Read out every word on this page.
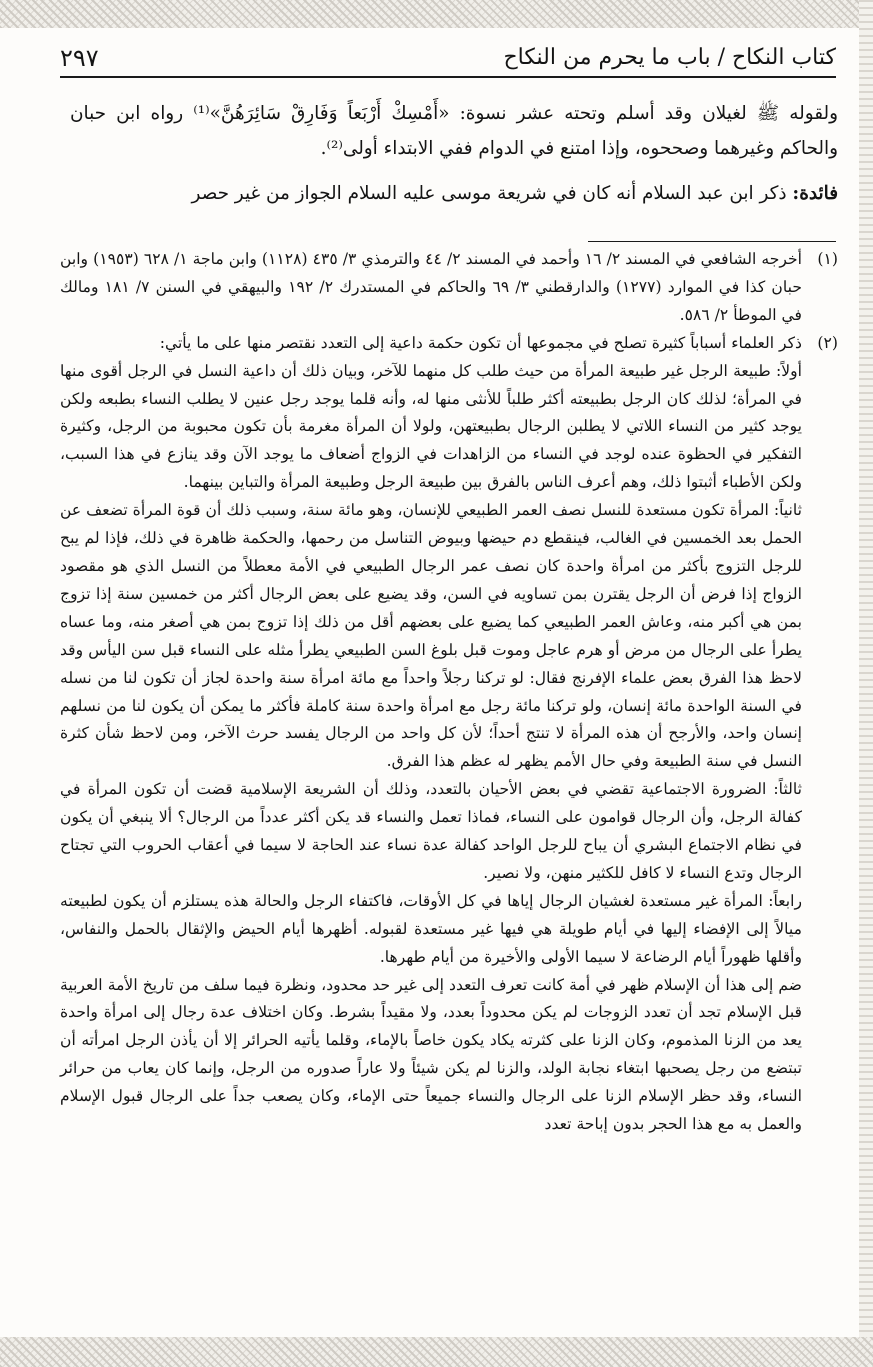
كتاب النكاح / باب ما يحرم من النكاح
٢٩٧

ولقوله ﷺ لغيلان وقد أسلم وتحته عشر نسوة: «أَمْسِكْ أَرْبَعاً وَفَارِقْ سَائِرَهُنَّ»⁽¹⁾ رواه ابن حبان والحاكم وغيرهما وصححوه، وإذا امتنع في الدوام ففي الابتداء أولى⁽²⁾.

فائدة: ذكر ابن عبد السلام أنه كان في شريعة موسى عليه السلام الجواز من غير حصر

(١)

أخرجه الشافعي في المسند ٢/ ١٦ وأحمد في المسند ٢/ ٤٤ والترمذي ٣/ ٤٣٥ (١١٢٨) وابن ماجة ١/ ٦٢٨ (١٩٥٣) وابن حبان كذا في الموارد (١٢٧٧) والدارقطني ٣/ ٦٩ والحاكم في المستدرك ٢/ ١٩٢ والبيهقي في السنن ٧/ ١٨١ ومالك في الموطأ ٢/ ٥٨٦.

(٢)

ذكر العلماء أسباباً كثيرة تصلح في مجموعها أن تكون حكمة داعية إلى التعدد نقتصر منها على ما يأتي:

أولاً: طبيعة الرجل غير طبيعة المرأة من حيث طلب كل منهما للآخر، وبيان ذلك أن داعية النسل في الرجل أقوى منها في المرأة؛ لذلك كان الرجل بطبيعته أكثر طلباً للأنثى منها له، وأنه قلما يوجد رجل عنين لا يطلب النساء بطبعه ولكن يوجد كثير من النساء اللاتي لا يطلبن الرجال بطبيعتهن، ولولا أن المرأة مغرمة بأن تكون محبوبة من الرجل، وكثيرة التفكير في الحظوة عنده لوجد في النساء من الزاهدات في الزواج أضعاف ما يوجد الآن وقد ينازع في هذا السبب، ولكن الأطباء أثبتوا ذلك، وهم أعرف الناس بالفرق بين طبيعة الرجل وطبيعة المرأة والتباين بينهما.

ثانياً: المرأة تكون مستعدة للنسل نصف العمر الطبيعي للإنسان، وهو مائة سنة، وسبب ذلك أن قوة المرأة تضعف عن الحمل بعد الخمسين في الغالب، فينقطع دم حيضها وبيوض التناسل من رحمها، والحكمة ظاهرة في ذلك، فإذا لم يبح للرجل التزوج بأكثر من امرأة واحدة كان نصف عمر الرجال الطبيعي في الأمة معطلاً من النسل الذي هو مقصود الزواج إذا فرض أن الرجل يقترن بمن تساويه في السن، وقد يضيع على بعض الرجال أكثر من خمسين سنة إذا تزوج بمن هي أكبر منه، وعاش العمر الطبيعي كما يضيع على بعضهم أقل من ذلك إذا تزوج بمن هي أصغر منه، وما عساه يطرأ على الرجال من مرض أو هرم عاجل وموت قبل بلوغ السن الطبيعي يطرأ مثله على النساء قبل سن اليأس وقد لاحظ هذا الفرق بعض علماء الإفرنج فقال: لو تركنا رجلاً واحداً مع مائة امرأة سنة واحدة لجاز أن تكون لنا من نسله في السنة الواحدة مائة إنسان، ولو تركنا مائة رجل مع امرأة واحدة سنة كاملة فأكثر ما يمكن أن يكون لنا من نسلهم إنسان واحد، والأرجح أن هذه المرأة لا تنتج أحداً؛ لأن كل واحد من الرجال يفسد حرث الآخر، ومن لاحظ شأن كثرة النسل في سنة الطبيعة وفي حال الأمم يظهر له عظم هذا الفرق.

ثالثاً: الضرورة الاجتماعية تقضي في بعض الأحيان بالتعدد، وذلك أن الشريعة الإسلامية قضت أن تكون المرأة في كفالة الرجل، وأن الرجال قوامون على النساء، فماذا تعمل والنساء قد يكن أكثر عدداً من الرجال؟ ألا ينبغي أن يكون في نظام الاجتماع البشري أن يباح للرجل الواحد كفالة عدة نساء عند الحاجة لا سيما في أعقاب الحروب التي تجتاح الرجال وتدع النساء لا كافل للكثير منهن، ولا نصير.

رابعاً: المرأة غير مستعدة لغشيان الرجال إياها في كل الأوقات، فاكتفاء الرجل والحالة هذه يستلزم أن يكون لطبيعته ميالاً إلى الإفضاء إليها في أيام طويلة هي فيها غير مستعدة لقبوله. أظهرها أيام الحيض والإثقال بالحمل والنفاس، وأقلها ظهوراً أيام الرضاعة لا سيما الأولى والأخيرة من أيام طهرها.

ضم إلى هذا أن الإسلام ظهر في أمة كانت تعرف التعدد إلى غير حد محدود، ونظرة فيما سلف من تاريخ الأمة العربية قبل الإسلام تجد أن تعدد الزوجات لم يكن محدوداً بعدد، ولا مقيداً بشرط. وكان اختلاف عدة رجال إلى امرأة واحدة يعد من الزنا المذموم، وكان الزنا على كثرته يكاد يكون خاصاً بالإماء، وقلما يأتيه الحرائر إلا أن يأذن الرجل امرأته أن تبتضع من رجل يصحبها ابتغاء نجابة الولد، والزنا لم يكن شيئاً ولا عاراً صدوره من الرجل، وإنما كان يعاب من حرائر النساء، وقد حظر الإسلام الزنا على الرجال والنساء جميعاً حتى الإماء، وكان يصعب جداً على الرجال قبول الإسلام والعمل به مع هذا الحجر بدون إباحة تعدد
